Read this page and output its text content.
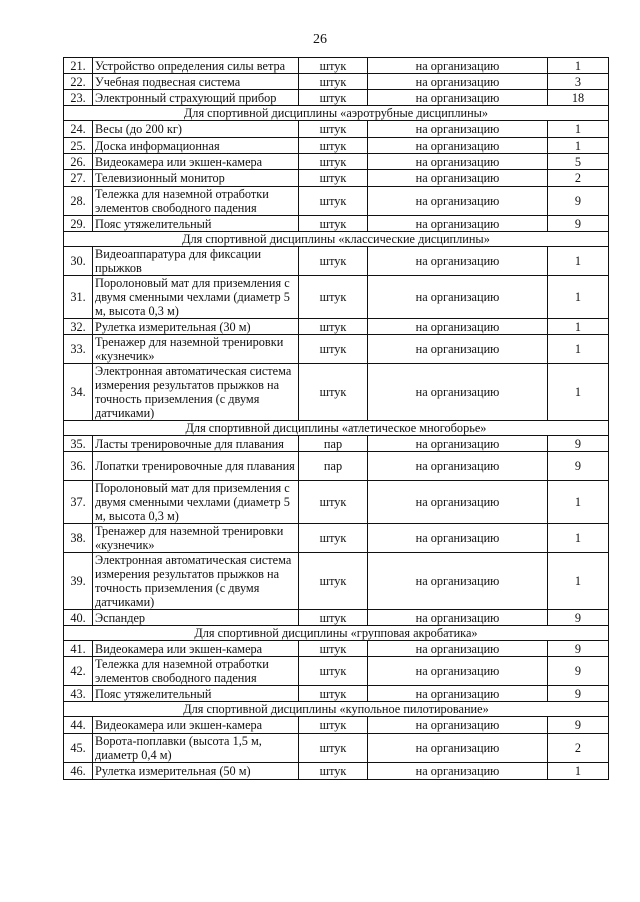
26
21.	Устройство определения силы ветра	штук	на организацию	1
22.	Учебная подвесная система	штук	на организацию	3
23.	Электронный страхующий прибор	штук	на организацию	18
Для спортивной дисциплины «аэротрубные дисциплины»				
24.	Весы (до 200 кг)	штук	на организацию	1
25.	Доска информационная	штук	на организацию	1
26.	Видеокамера или экшен-камера	штук	на организацию	5
27.	Телевизионный монитор	штук	на организацию	2
28.	Тележка для наземной отработки элементов свободного падения	штук	на организацию	9
29.	Пояс утяжелительный	штук	на организацию	9
Для спортивной дисциплины «классические дисциплины»				
30.	Видеоаппаратура для фиксации прыжков	штук	на организацию	1
31.	Поролоновый мат для приземления с двумя сменными чехлами (диаметр 5 м, высота 0,3 м)	штук	на организацию	1
32.	Рулетка измерительная (30 м)	штук	на организацию	1
33.	Тренажер для наземной тренировки «кузнечик»	штук	на организацию	1
34.	Электронная автоматическая система измерения результатов прыжков на точность приземления (с двумя датчиками)	штук	на организацию	1
Для спортивной дисциплины «атлетическое многоборье»				
35.	Ласты тренировочные для плавания	пар	на организацию	9
36.	Лопатки тренировочные для плавания	пар	на организацию	9
37.	Поролоновый мат для приземления с двумя сменными чехлами (диаметр 5 м, высота 0,3 м)	штук	на организацию	1
38.	Тренажер для наземной тренировки «кузнечик»	штук	на организацию	1
39.	Электронная автоматическая система измерения результатов прыжков на точность приземления (с двумя датчиками)	штук	на организацию	1
40.	Эспандер	штук	на организацию	9
Для спортивной дисциплины «групповая акробатика»				
41.	Видеокамера или экшен-камера	штук	на организацию	9
42.	Тележка для наземной отработки элементов свободного падения	штук	на организацию	9
43.	Пояс утяжелительный	штук	на организацию	9
Для спортивной дисциплины «купольное пилотирование»				
44.	Видеокамера или экшен-камера	штук	на организацию	9
45.	Ворота-поплавки (высота 1,5 м, диаметр 0,4 м)	штук	на организацию	2
46.	Рулетка измерительная (50 м)	штук	на организацию	1
